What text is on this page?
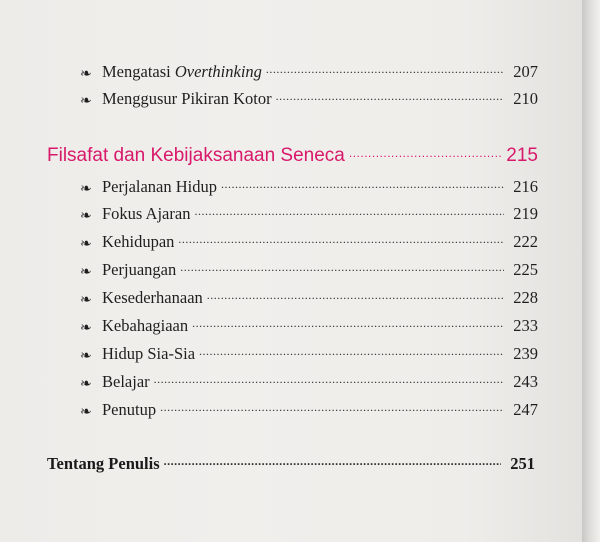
❧ Mengatasi Overthinking .....	207
❧ Menggusur Pikiran Kotor .....	210
Filsafat dan Kebijaksanaan Seneca .....	215
❧ Perjalanan Hidup .....	216
❧ Fokus Ajaran .....	219
❧ Kehidupan .....	222
❧ Perjuangan .....	225
❧ Kesederhanaan .....	228
❧ Kebahagiaan .....	233
❧ Hidup Sia-Sia .....	239
❧ Belajar .....	243
❧ Penutup .....	247
Tentang Penulis .....	251
